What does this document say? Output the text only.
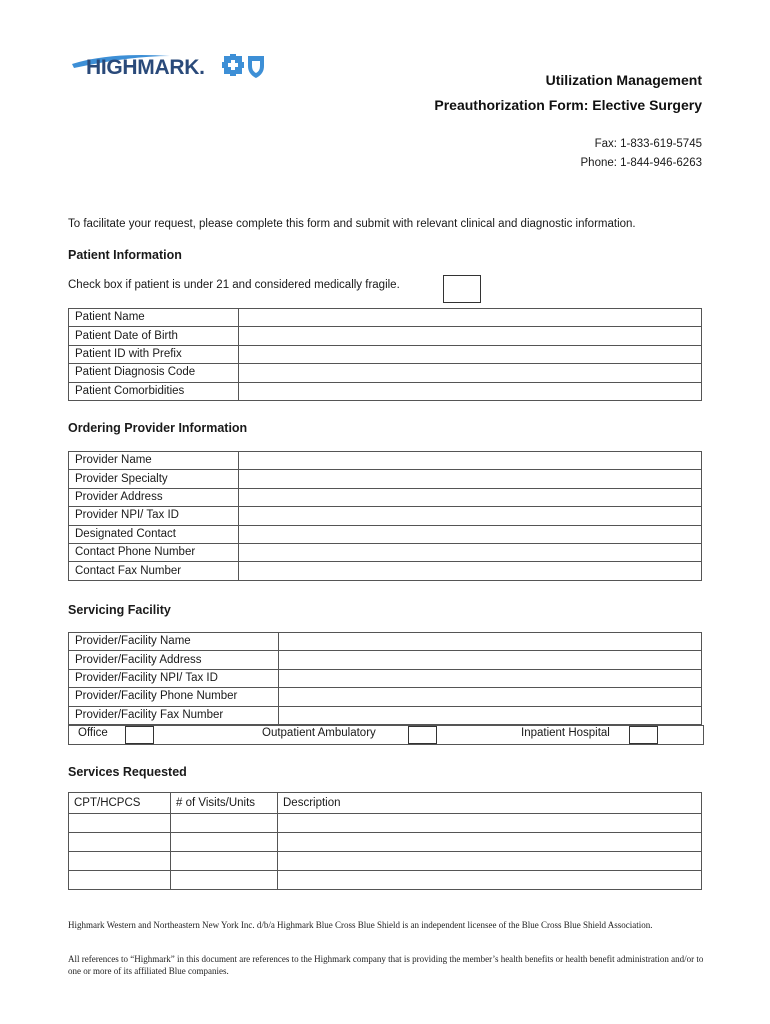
HIGHMARK.
Utilization Management
Preauthorization Form: Elective Surgery
Fax: 1-833-619-5745
Phone: 1-844-946-6263
To facilitate your request, please complete this form and submit with relevant clinical and diagnostic information.
Patient Information
Check box if patient is under 21 and considered medically fragile.
Patient Name	
Patient Date of Birth	
Patient ID with Prefix	
Patient Diagnosis Code	
Patient Comorbidities	
Ordering Provider Information
Provider Name	
Provider Specialty	
Provider Address	
Provider NPI/ Tax ID	
Designated Contact	
Contact Phone Number	
Contact Fax Number	
Servicing Facility
Provider/Facility Name	
Provider/Facility Address	
Provider/Facility NPI/ Tax ID	
Provider/Facility Phone Number	
Provider/Facility Fax Number	
Office	Outpatient Ambulatory	Inpatient Hospital
Services Requested
CPT/HCPCS	# of Visits/Units	Description

Highmark Western and Northeastern New York Inc. d/b/a Highmark Blue Cross Blue Shield is an independent licensee of the Blue Cross Blue Shield Association.
All references to “Highmark” in this document are references to the Highmark company that is providing the member’s health benefits or health benefit administration and/or to one or more of its affiliated Blue companies.
